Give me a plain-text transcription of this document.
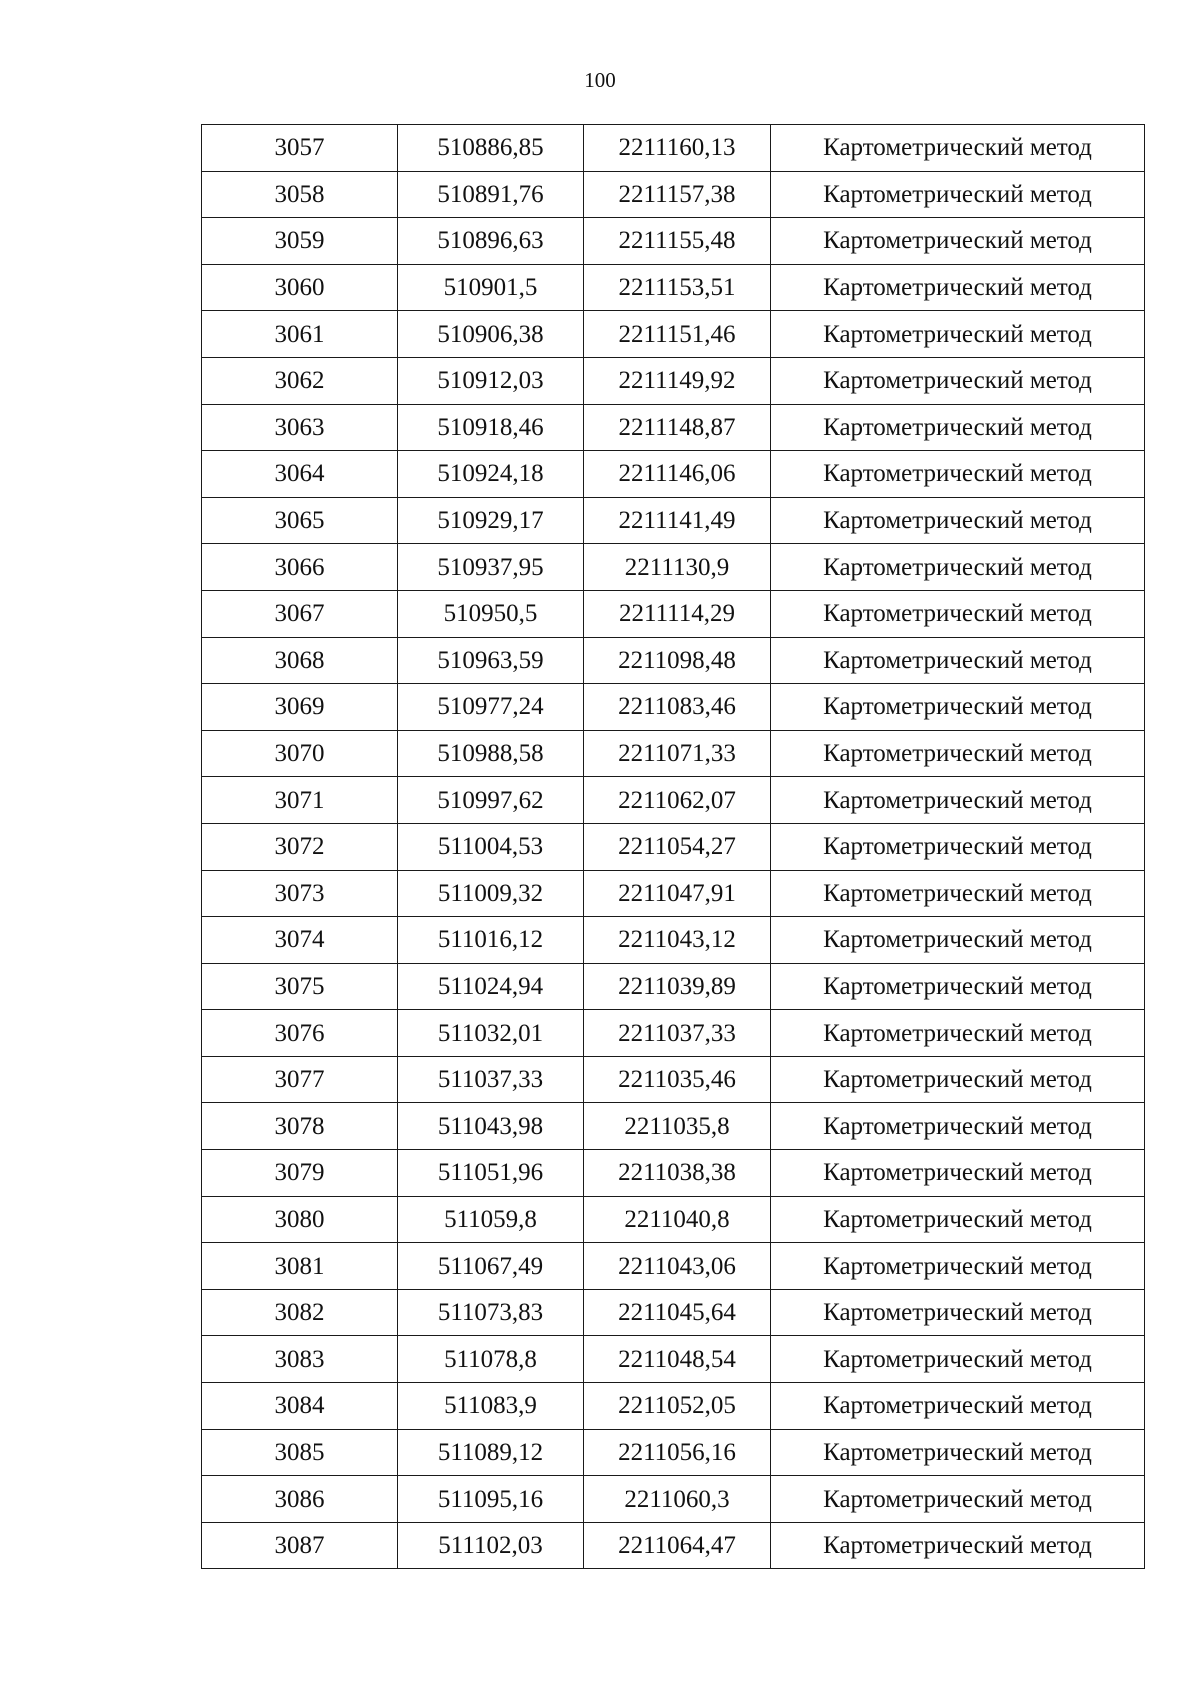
100
3057	510886,85	2211160,13	Картометрический метод
3058	510891,76	2211157,38	Картометрический метод
3059	510896,63	2211155,48	Картометрический метод
3060	510901,5	2211153,51	Картометрический метод
3061	510906,38	2211151,46	Картометрический метод
3062	510912,03	2211149,92	Картометрический метод
3063	510918,46	2211148,87	Картометрический метод
3064	510924,18	2211146,06	Картометрический метод
3065	510929,17	2211141,49	Картометрический метод
3066	510937,95	2211130,9	Картометрический метод
3067	510950,5	2211114,29	Картометрический метод
3068	510963,59	2211098,48	Картометрический метод
3069	510977,24	2211083,46	Картометрический метод
3070	510988,58	2211071,33	Картометрический метод
3071	510997,62	2211062,07	Картометрический метод
3072	511004,53	2211054,27	Картометрический метод
3073	511009,32	2211047,91	Картометрический метод
3074	511016,12	2211043,12	Картометрический метод
3075	511024,94	2211039,89	Картометрический метод
3076	511032,01	2211037,33	Картометрический метод
3077	511037,33	2211035,46	Картометрический метод
3078	511043,98	2211035,8	Картометрический метод
3079	511051,96	2211038,38	Картометрический метод
3080	511059,8	2211040,8	Картометрический метод
3081	511067,49	2211043,06	Картометрический метод
3082	511073,83	2211045,64	Картометрический метод
3083	511078,8	2211048,54	Картометрический метод
3084	511083,9	2211052,05	Картометрический метод
3085	511089,12	2211056,16	Картометрический метод
3086	511095,16	2211060,3	Картометрический метод
3087	511102,03	2211064,47	Картометрический метод
